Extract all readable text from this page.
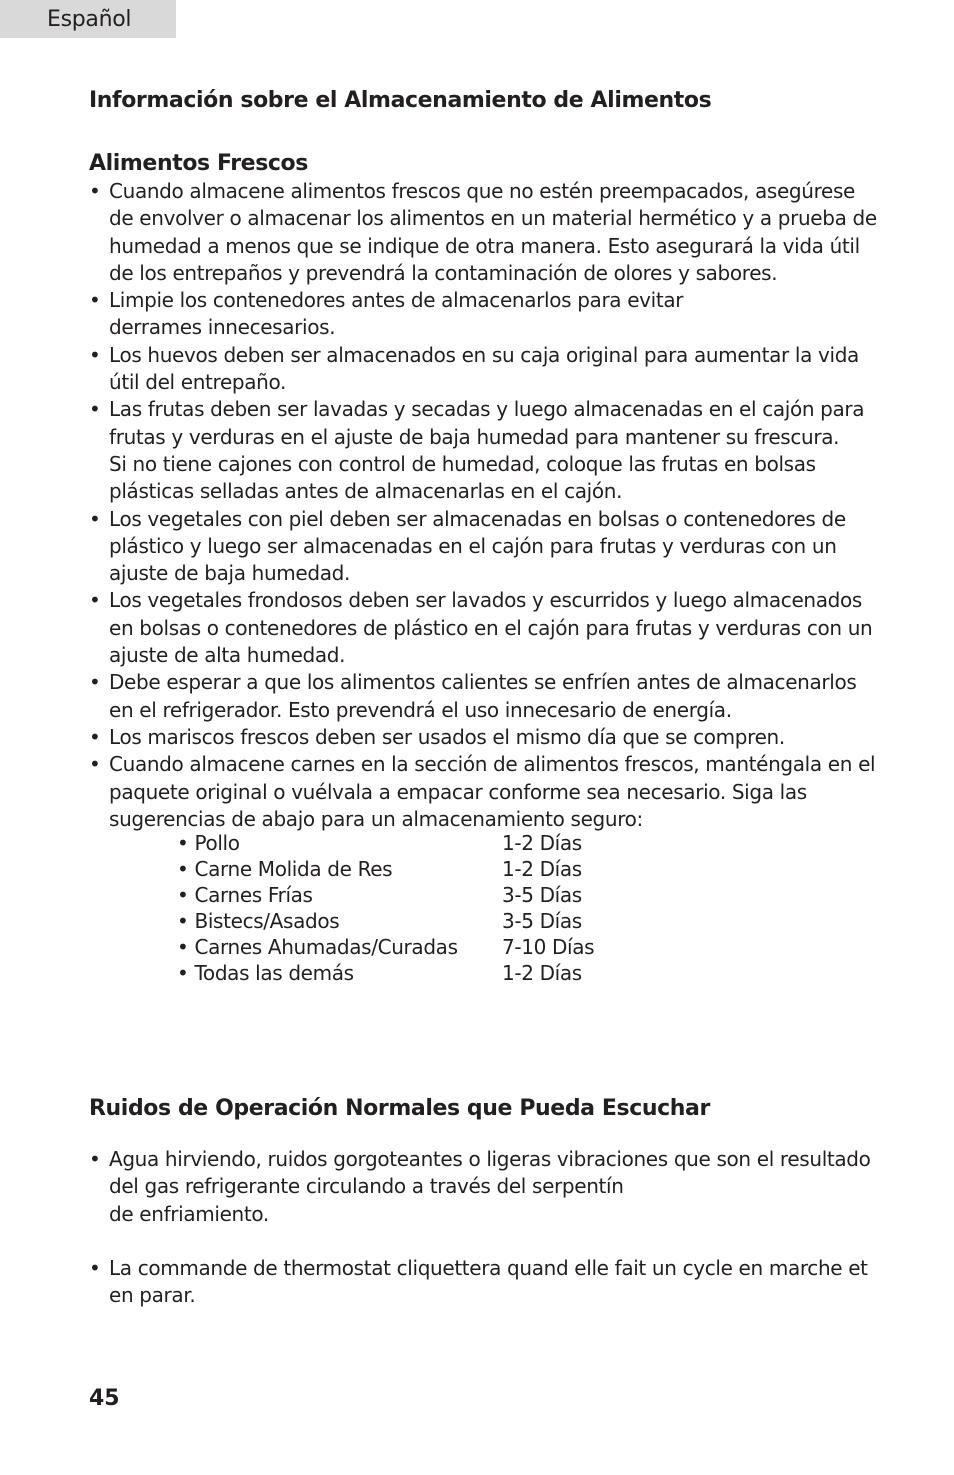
Español
Información sobre el Almacenamiento de Alimentos
Alimentos Frescos
• Cuando almacene alimentos frescos que no estén preempacados, asegúrese de envolver o almacenar los alimentos en un material hermético y a prueba de humedad a menos que se indique de otra manera. Esto asegurará la vida útil de los entrepaños y prevendrá la contaminación de olores y sabores.
• Limpie los contenedores antes de almacenarlos para evitar
derrames innecesarios.
• Los huevos deben ser almacenados en su caja original para aumentar la vida útil del entrepaño.
• Las frutas deben ser lavadas y secadas y luego almacenadas en el cajón para frutas y verduras en el ajuste de baja humedad para mantener su frescura.
Si no tiene cajones con control de humedad, coloque las frutas en bolsas plásticas selladas antes de almacenarlas en el cajón.
• Los vegetales con piel deben ser almacenadas en bolsas o contenedores de plástico y luego ser almacenadas en el cajón para frutas y verduras con un ajuste de baja humedad.
• Los vegetales frondosos deben ser lavados y escurridos y luego almacenados en bolsas o contenedores de plástico en el cajón para frutas y verduras con un ajuste de alta humedad.
• Debe esperar a que los alimentos calientes se enfríen antes de almacenarlos en el refrigerador. Esto prevendrá el uso innecesario de energía.
• Los mariscos frescos deben ser usados el mismo día que se compren.
• Cuando almacene carnes en la sección de alimentos frescos, manténgala en el paquete original o vuélvala a empacar conforme sea necesario. Siga las sugerencias de abajo para un almacenamiento seguro:
• Pollo	1-2 Días
• Carne Molida de Res	1-2 Días
• Carnes Frías	3-5 Días
• Bistecs/Asados	3-5 Días
• Carnes Ahumadas/Curadas	7-10 Días
• Todas las demás	1-2 Días
Ruidos de Operación Normales que Pueda Escuchar
• Agua hirviendo, ruidos gorgoteantes o ligeras vibraciones que son el resultado del gas refrigerante circulando a través del serpentín
de enfriamiento.
• La commande de thermostat cliquettera quand elle fait un cycle en marche et en parar.
45
